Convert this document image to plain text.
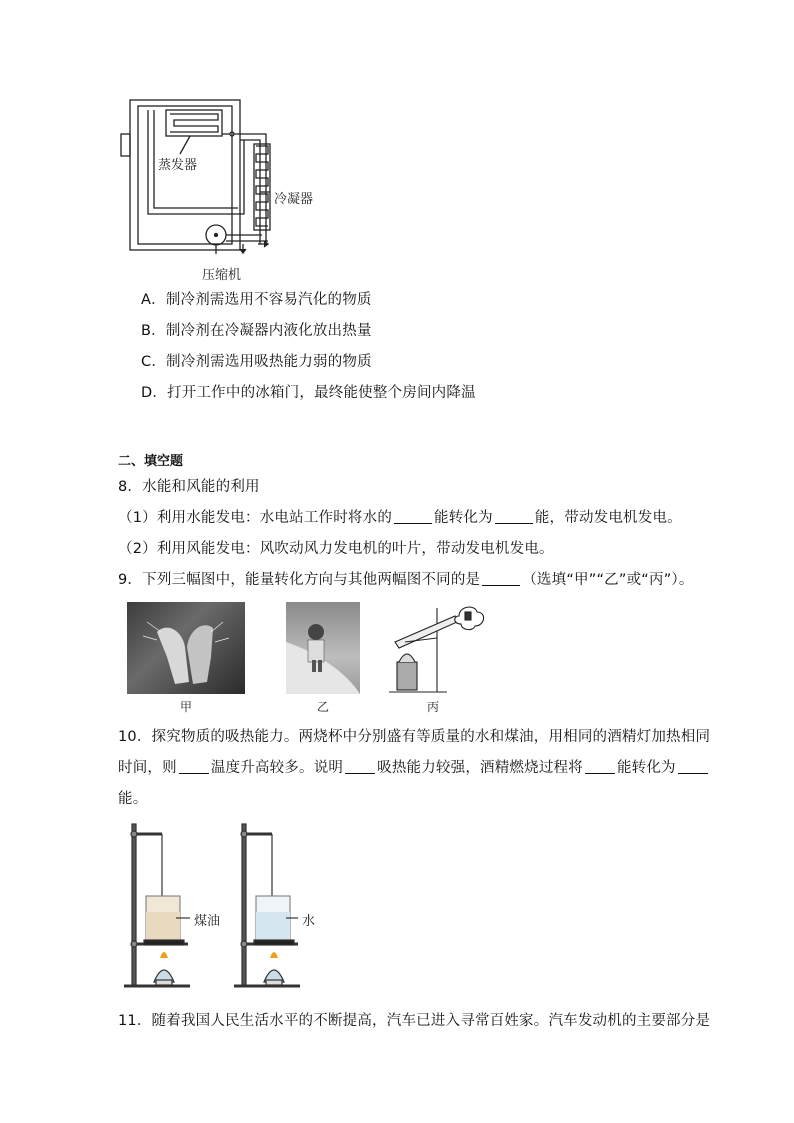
蒸发器
冷凝器
压缩机
A．制冷剂需选用不容易汽化的物质
B．制冷剂在冷凝器内液化放出热量
C．制冷剂需选用吸热能力弱的物质
D．打开工作中的冰箱门，最终能使整个房间内降温
二、填空题
8．水能和风能的利用
（1）利用水能发电：水电站工作时将水的	能转化为	能，带动发电机发电。
（2）利用风能发电：风吹动风力发电机的叶片，带动发电机发电。
9．下列三幅图中，能量转化方向与其他两幅图不同的是	（选填“甲”“乙”或“丙”）。
甲	乙	丙
10．探究物质的吸热能力。两烧杯中分别盛有等质量的水和煤油，用相同的酒精灯加热相同
时间，则 温度升高较多。说明 吸热能力较强，酒精燃烧过程将 能转化为
能。
煤油	水
11．随着我国人民生活水平的不断提高，汽车已进入寻常百姓家。汽车发动机的主要部分是
